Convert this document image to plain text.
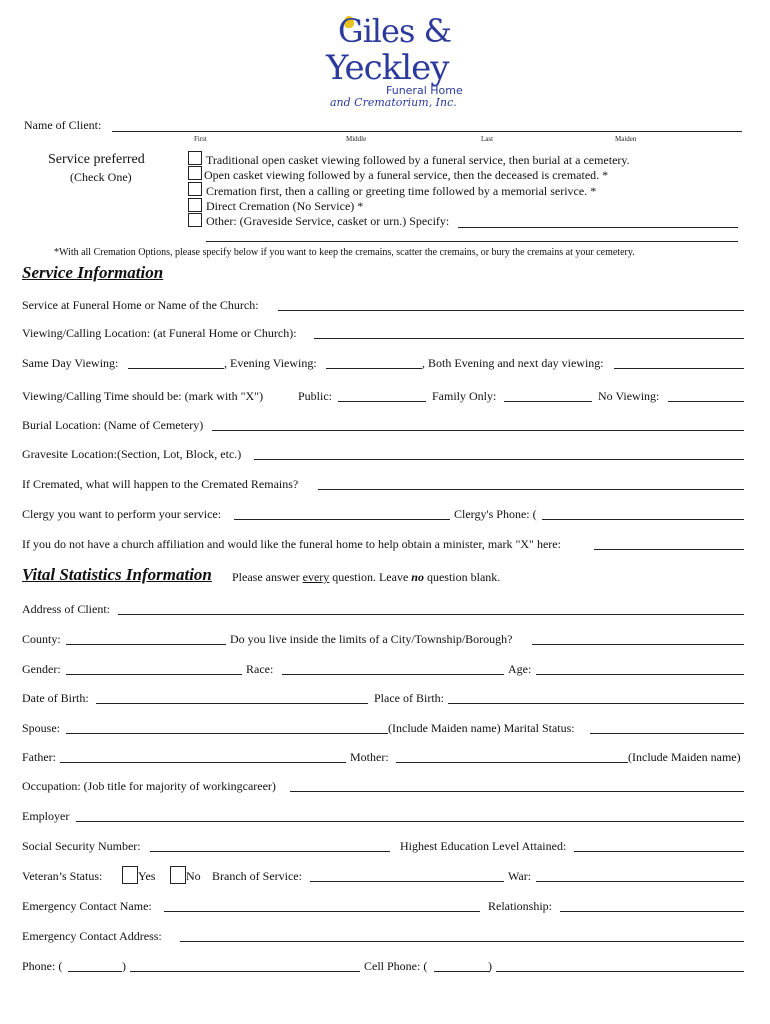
Giles &
Yeckley
Funeral Home
and Crematorium, Inc.
Name of Client:
First	Middle	Last	Maiden
Service preferred
(Check One)
Traditional open casket viewing followed by a funeral service, then burial at a cemetery.
Open casket viewing followed by a funeral service, then the deceased is cremated. *
Cremation first, then a calling or greeting time followed by a memorial serivce. *
Direct Cremation (No Service) *
Other: (Graveside Service, casket or urn.) Specify:
*With all Cremation Options, please specify below if you want to keep the cremains, scatter the cremains, or bury the cremains at your cemetery.
Service Information
Service at Funeral Home or Name of the Church:
Viewing/Calling Location: (at Funeral Home or Church):
Same Day Viewing:	, Evening Viewing:	, Both Evening and next day viewing:
Viewing/Calling Time should be: (mark with "X")	Public:	Family Only:	No Viewing:
Burial Location: (Name of Cemetery)
Gravesite Location:(Section, Lot, Block, etc.)
If Cremated, what will happen to the Cremated Remains?
Clergy you want to perform your service:	Clergy's Phone: (
If you do not have a church affiliation and would like the funeral home to help obtain a minister, mark "X" here:
Vital Statistics Information Please answer every question. Leave no question blank.
Address of Client:
County:	Do you live inside the limits of a City/Township/Borough?
Gender:	Race:	Age:
Date of Birth:	Place of Birth:
Spouse:	(Include Maiden name) Marital Status:
Father:	Mother:	(Include Maiden name)
Occupation: (Job title for majority of workingcareer)
Employer
Social Security Number:	Highest Education Level Attained:
Veteran’s Status:	Yes	No Branch of Service:	War:
Emergency Contact Name:	Relationship:
Emergency Contact Address:
Phone: (	)	Cell Phone: (	)
